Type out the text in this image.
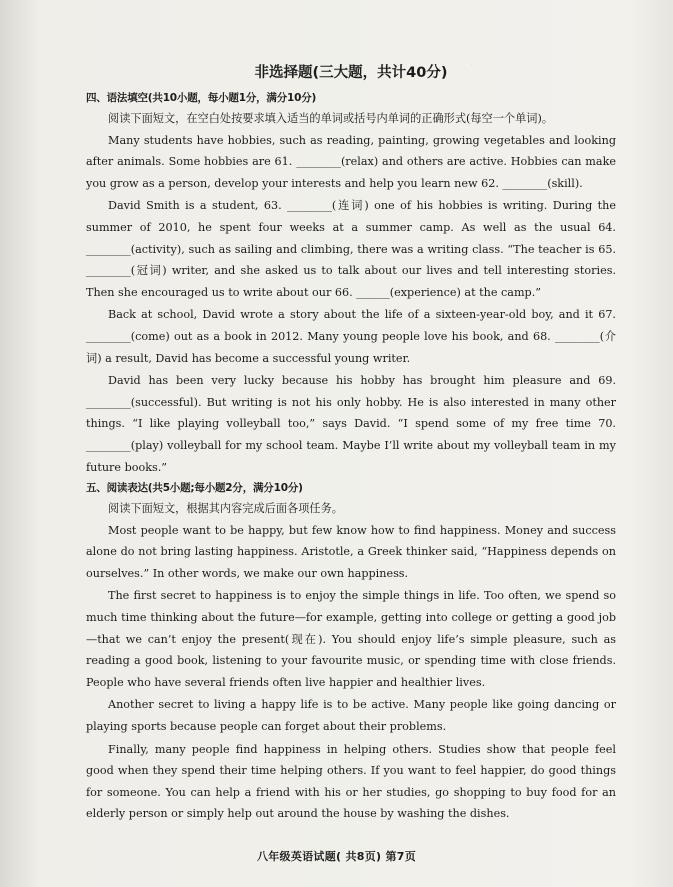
·
非选择题(三大题，共计40分)
四、语法填空(共10小题，每小题1分，满分10分)

阅读下面短文，在空白处按要求填入适当的单词或括号内单词的正确形式(每空一个单词)。

Many students have hobbies, such as reading, painting, growing vegetables and looking after animals. Some hobbies are 61. ________(relax) and others are active. Hobbies can make you grow as a person, develop your interests and help you learn new 62. ________(skill).

David Smith is a student, 63. ________(连词) one of his hobbies is writing. During the summer of 2010, he spent four weeks at a summer camp. As well as the usual 64. ________(activity), such as sailing and climbing, there was a writing class. “The teacher is 65. ________(冠词) writer, and she asked us to talk about our lives and tell interesting stories. Then she encouraged us to write about our 66. ______(experience) at the camp.”

Back at school, David wrote a story about the life of a sixteen-year-old boy, and it 67. ________(come) out as a book in 2012. Many young people love his book, and 68. ________(介词) a result, David has become a successful young writer.

David has been very lucky because his hobby has brought him pleasure and 69. ________(successful). But writing is not his only hobby. He is also interested in many other things. “I like playing volleyball too,” says David. “I spend some of my free time 70. ________(play) volleyball for my school team. Maybe I’ll write about my volleyball team in my future books.”

五、阅读表达(共5小题;每小题2分，满分10分)

阅读下面短文，根据其内容完成后面各项任务。

Most people want to be happy, but few know how to find happiness. Money and success alone do not bring lasting happiness. Aristotle, a Greek thinker said, “Happiness depends on ourselves.” In other words, we make our own happiness.

The first secret to happiness is to enjoy the simple things in life. Too often, we spend so much time thinking about the future—for example, getting into college or getting a good job—that we can’t enjoy the present(现在). You should enjoy life’s simple pleasure, such as reading a good book, listening to your favourite music, or spending time with close friends. People who have several friends often live happier and healthier lives.

Another secret to living a happy life is to be active. Many people like going dancing or playing sports because people can forget about their problems.

Finally, many people find happiness in helping others. Studies show that people feel good when they spend their time helping others. If you want to feel happier, do good things for someone. You can help a friend with his or her studies, go shopping to buy food for an elderly person or simply help out around the house by washing the dishes.

八年级英语试题( 共8页) 第7页
